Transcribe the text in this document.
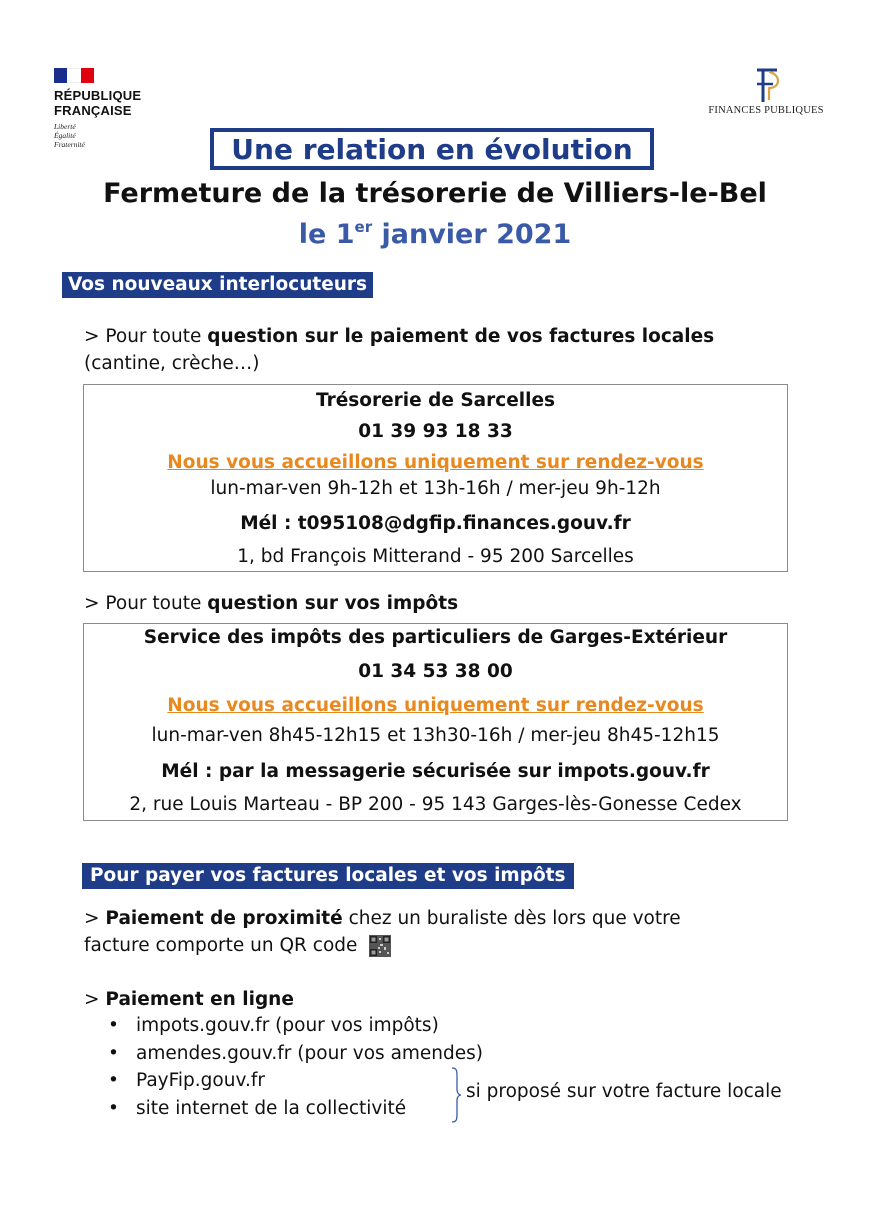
RÉPUBLIQUE
FRANÇAISE
Liberté
Égalité
Fraternité
FINANCES PUBLIQUES
Une relation en évolution
Fermeture de la trésorerie de Villiers-le-Bel
le 1er janvier 2021
Vos nouveaux interlocuteurs
> Pour toute question sur le paiement de vos factures locales
(cantine, crèche…)
Trésorerie de Sarcelles
01 39 93 18 33
Nous vous accueillons uniquement sur rendez-vous
lun-mar-ven 9h-12h et 13h-16h / mer-jeu 9h-12h
Mél : t095108@dgfip.finances.gouv.fr
1, bd François Mitterand - 95 200 Sarcelles
> Pour toute question sur vos impôts
Service des impôts des particuliers de Garges-Extérieur
01 34 53 38 00
Nous vous accueillons uniquement sur rendez-vous
lun-mar-ven 8h45-12h15 et 13h30-16h / mer-jeu 8h45-12h15
Mél : par la messagerie sécurisée sur impots.gouv.fr
2, rue Louis Marteau - BP 200 - 95 143 Garges-lès-Gonesse Cedex
Pour payer vos factures locales et vos impôts
> Paiement de proximité chez un buraliste dès lors que votre
facture comporte un QR code
> Paiement en ligne
• impots.gouv.fr (pour vos impôts)
• amendes.gouv.fr (pour vos amendes)
• PayFip.gouv.fr
• site internet de la collectivité
si proposé sur votre facture locale
